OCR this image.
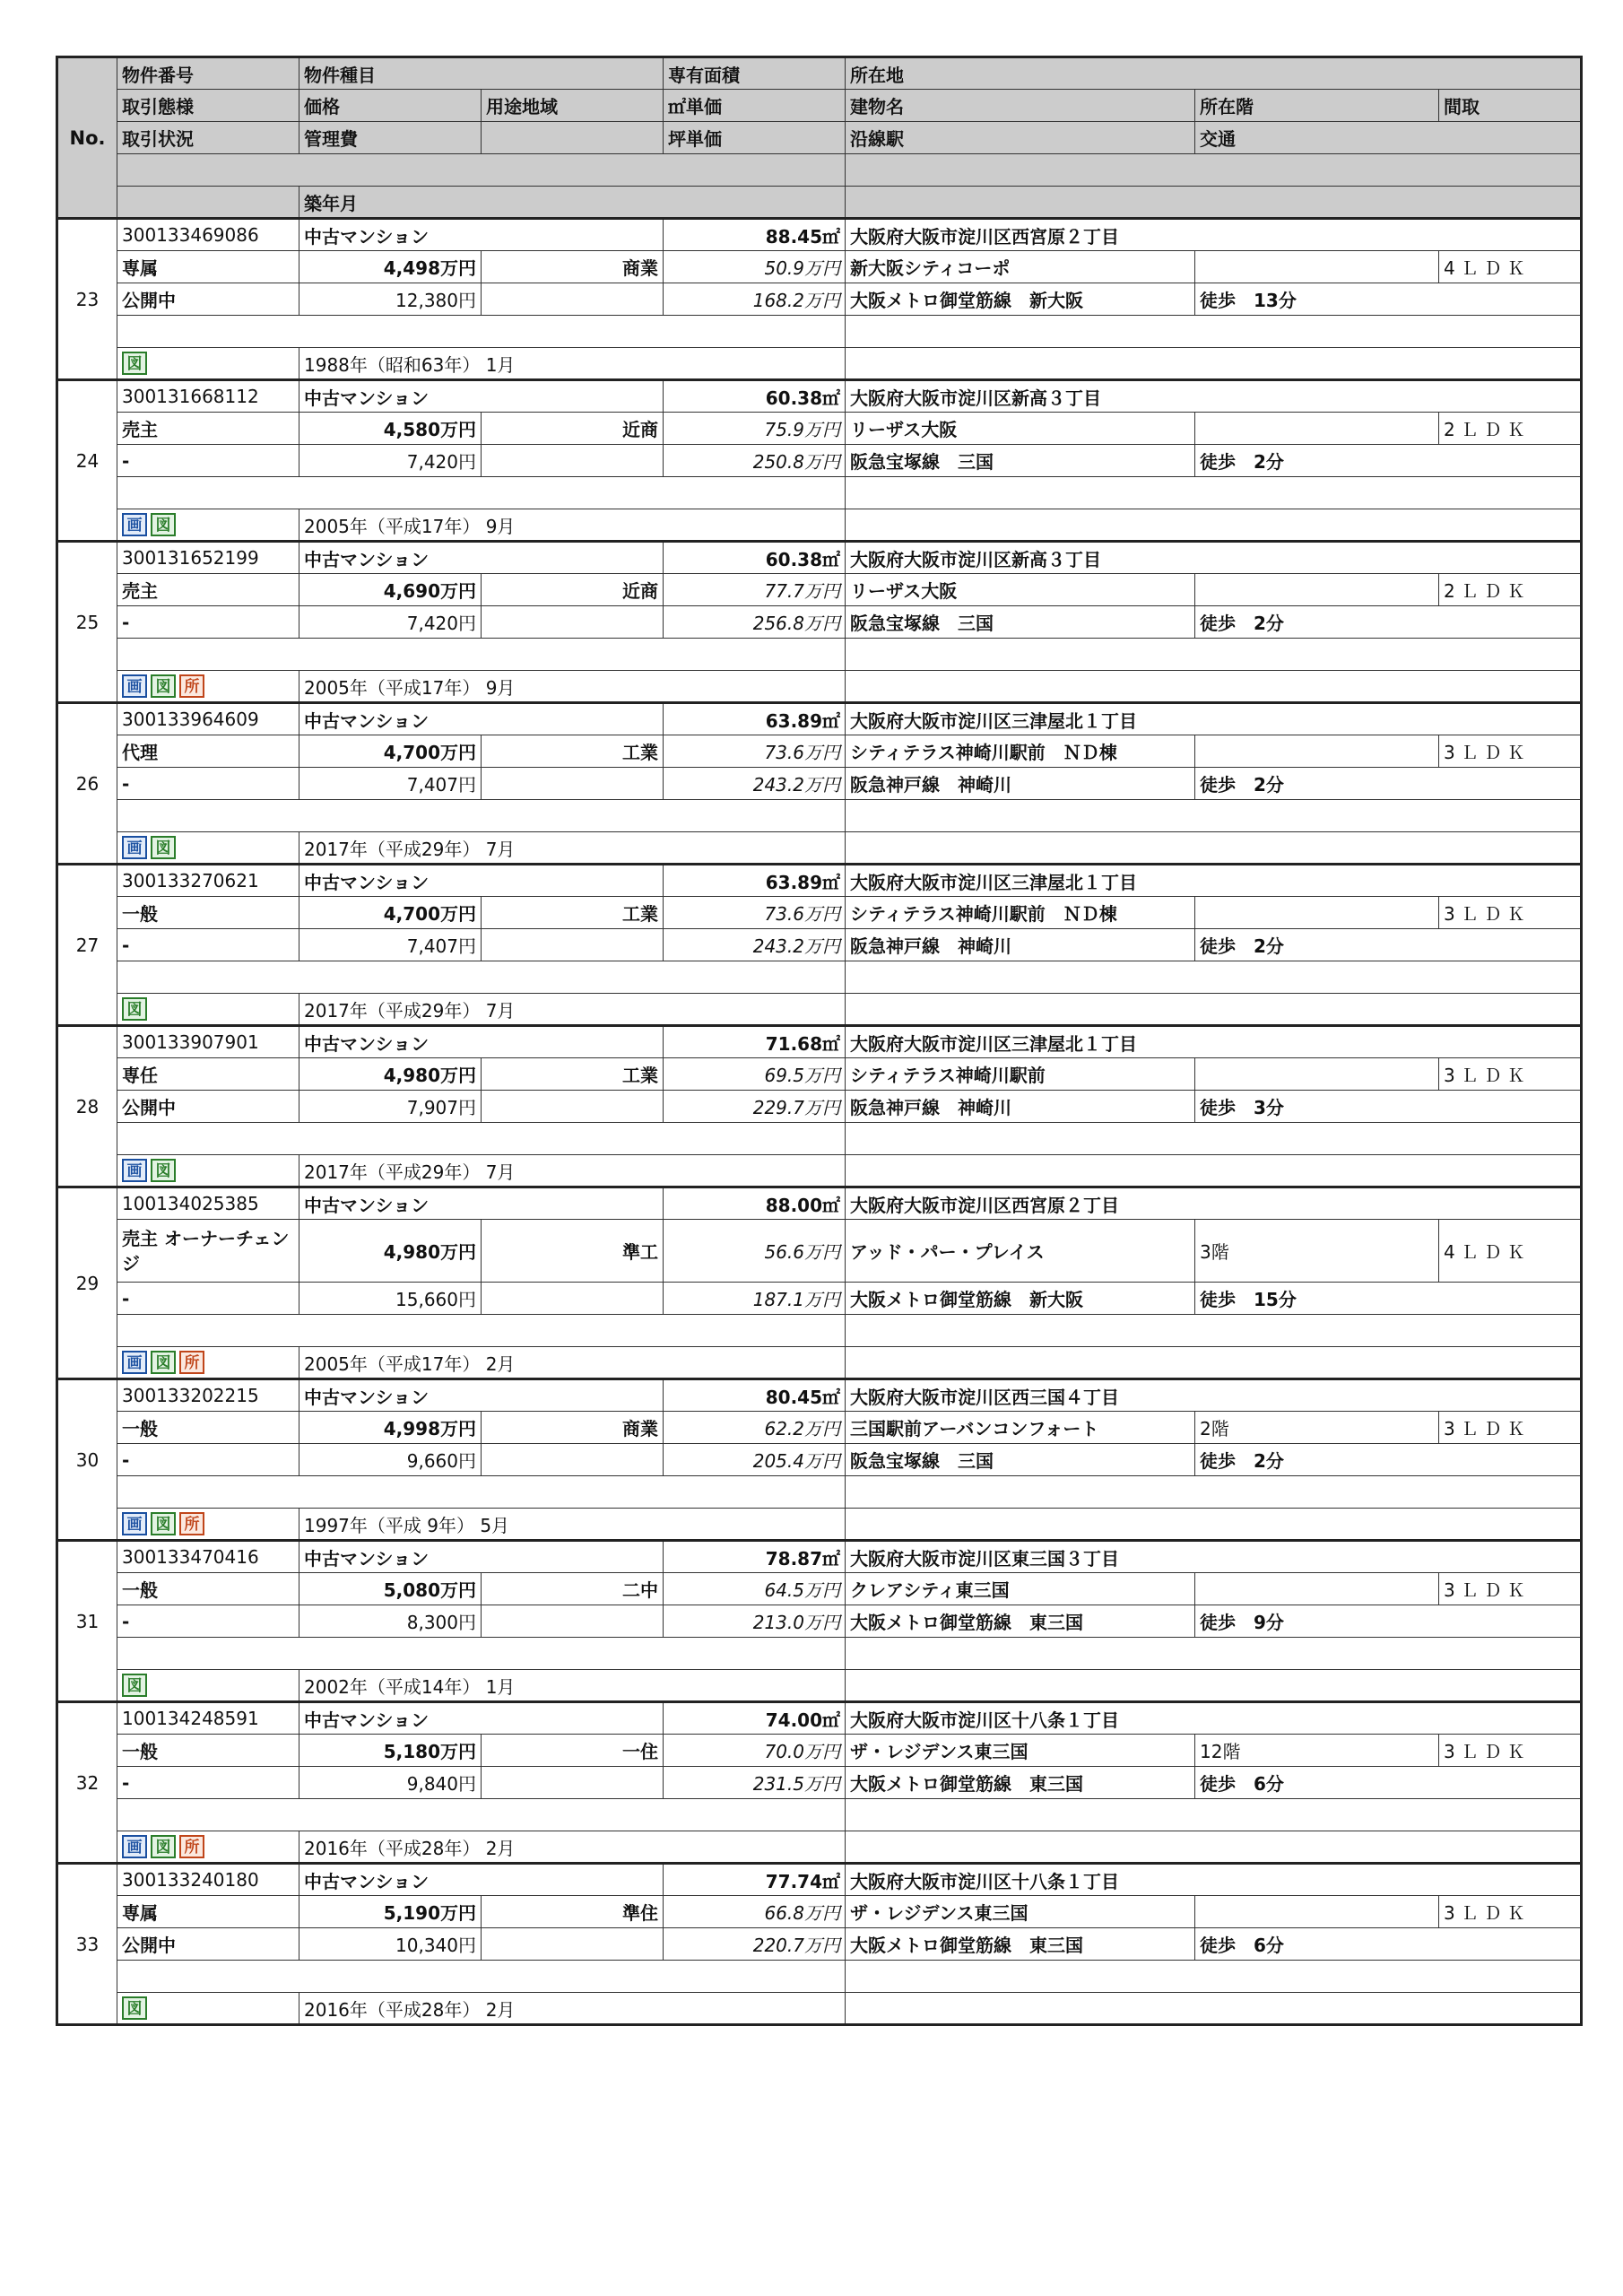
No.	物件番号	物件種目		専有面積	所在地		
	取引態様	価格	用途地域	㎡単価	建物名	所在階	間取
	取引状況	管理費		坪単価	沿線駅	交通	

		築年月					
23	300133469086	中古マンション		88.45㎡	大阪府大阪市淀川区西宮原２丁目		
	専属	4,498万円	商業	50.9万円	新大阪シティコーポ		4ＬＤＫ
	公開中	12,380円		168.2万円	大阪メトロ御堂筋線　新大阪	徒歩　13分	

	図	1988年（昭和63年） 1月					
24	300131668112	中古マンション		60.38㎡	大阪府大阪市淀川区新高３丁目		
	売主	4,580万円	近商	75.9万円	リーザス大阪		2ＬＤＫ
	-	7,420円		250.8万円	阪急宝塚線　三国	徒歩　2分	

	画 図	2005年（平成17年） 9月					
25	300131652199	中古マンション		60.38㎡	大阪府大阪市淀川区新高３丁目		
	売主	4,690万円	近商	77.7万円	リーザス大阪		2ＬＤＫ
	-	7,420円		256.8万円	阪急宝塚線　三国	徒歩　2分	

	画 図 所	2005年（平成17年） 9月					
26	300133964609	中古マンション		63.89㎡	大阪府大阪市淀川区三津屋北１丁目		
	代理	4,700万円	工業	73.6万円	シティテラス神崎川駅前　ＮＤ棟		3ＬＤＫ
	-	7,407円		243.2万円	阪急神戸線　神崎川	徒歩　2分	

	画 図	2017年（平成29年） 7月					
27	300133270621	中古マンション		63.89㎡	大阪府大阪市淀川区三津屋北１丁目		
	一般	4,700万円	工業	73.6万円	シティテラス神崎川駅前　ＮＤ棟		3ＬＤＫ
	-	7,407円		243.2万円	阪急神戸線　神崎川	徒歩　2分	

	図	2017年（平成29年） 7月					
28	300133907901	中古マンション		71.68㎡	大阪府大阪市淀川区三津屋北１丁目		
	専任	4,980万円	工業	69.5万円	シティテラス神崎川駅前		3ＬＤＫ
	公開中	7,907円		229.7万円	阪急神戸線　神崎川	徒歩　3分	

	画 図	2017年（平成29年） 7月					
29	100134025385	中古マンション		88.00㎡	大阪府大阪市淀川区西宮原２丁目		
	売主 オーナーチェンジ	4,980万円	準工	56.6万円	アッド・パー・プレイス	3階	4ＬＤＫ
	-	15,660円		187.1万円	大阪メトロ御堂筋線　新大阪	徒歩　15分	

	画 図 所	2005年（平成17年） 2月					
30	300133202215	中古マンション		80.45㎡	大阪府大阪市淀川区西三国４丁目		
	一般	4,998万円	商業	62.2万円	三国駅前アーバンコンフォート	2階	3ＬＤＫ
	-	9,660円		205.4万円	阪急宝塚線　三国	徒歩　2分	

	画 図 所	1997年（平成 9年） 5月					
31	300133470416	中古マンション		78.87㎡	大阪府大阪市淀川区東三国３丁目		
	一般	5,080万円	二中	64.5万円	クレアシティ東三国		3ＬＤＫ
	-	8,300円		213.0万円	大阪メトロ御堂筋線　東三国	徒歩　9分	

	図	2002年（平成14年） 1月					
32	100134248591	中古マンション		74.00㎡	大阪府大阪市淀川区十八条１丁目		
	一般	5,180万円	一住	70.0万円	ザ・レジデンス東三国	12階	3ＬＤＫ
	-	9,840円		231.5万円	大阪メトロ御堂筋線　東三国	徒歩　6分	

	画 図 所	2016年（平成28年） 2月					
33	300133240180	中古マンション		77.74㎡	大阪府大阪市淀川区十八条１丁目		
	専属	5,190万円	準住	66.8万円	ザ・レジデンス東三国		3ＬＤＫ
	公開中	10,340円		220.7万円	大阪メトロ御堂筋線　東三国	徒歩　6分	

	図	2016年（平成28年） 2月					
